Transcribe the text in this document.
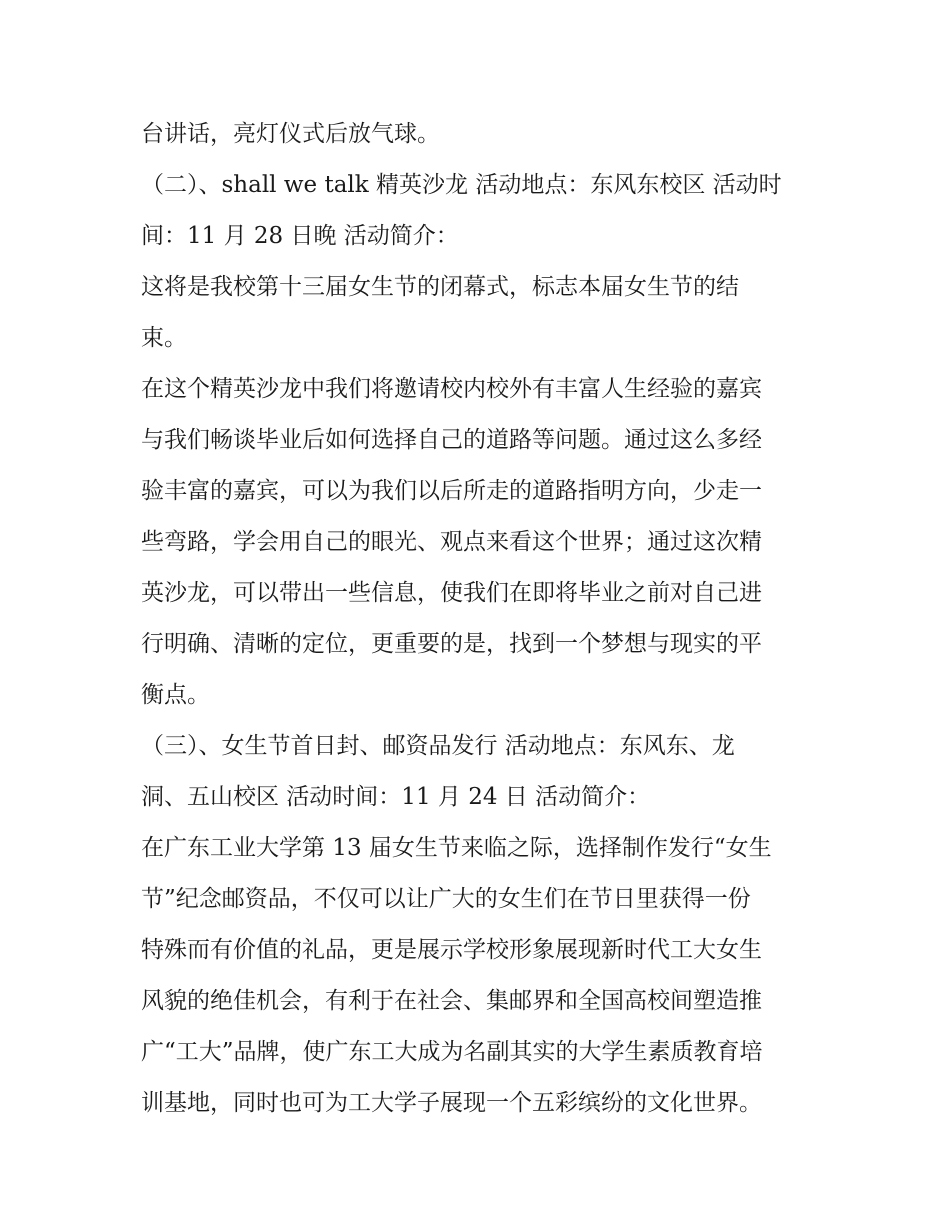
台讲话，亮灯仪式后放气球。
（二）、shall we talk 精英沙龙 活动地点：东风东校区 活动时
间：11 月 28 日晚 活动简介：
这将是我校第十三届女生节的闭幕式，标志本届女生节的结
束。
在这个精英沙龙中我们将邀请校内校外有丰富人生经验的嘉宾
与我们畅谈毕业后如何选择自己的道路等问题。通过这么多经
验丰富的嘉宾，可以为我们以后所走的道路指明方向，少走一
些弯路，学会用自己的眼光、观点来看这个世界；通过这次精
英沙龙，可以带出一些信息，使我们在即将毕业之前对自己进
行明确、清晰的定位，更重要的是，找到一个梦想与现实的平
衡点。
（三）、女生节首日封、邮资品发行 活动地点：东风东、龙
洞、五山校区 活动时间：11 月 24 日 活动简介：
在广东工业大学第 13 届女生节来临之际，选择制作发行“女生
节”纪念邮资品，不仅可以让广大的女生们在节日里获得一份
特殊而有价值的礼品，更是展示学校形象展现新时代工大女生
风貌的绝佳机会，有利于在社会、集邮界和全国高校间塑造推
广“工大”品牌，使广东工大成为名副其实的大学生素质教育培
训基地，同时也可为工大学子展现一个五彩缤纷的文化世界。
